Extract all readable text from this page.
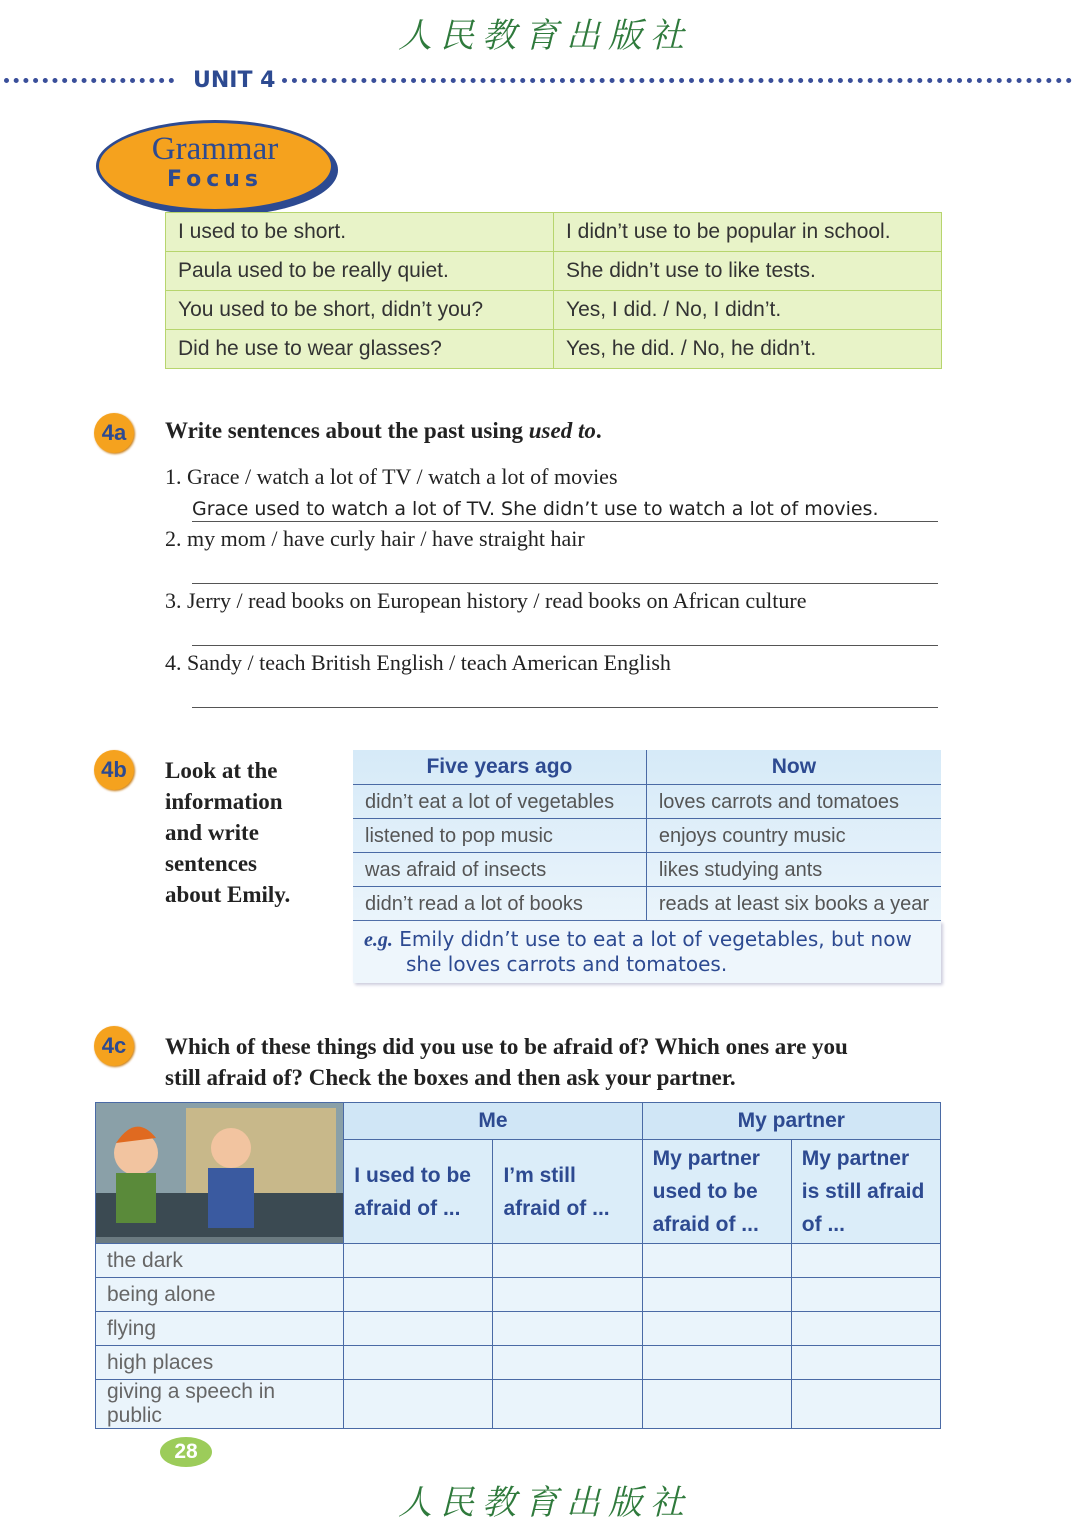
人民教育出版社
UNIT 4
Grammar
Focus
I used to be short.	I didn’t use to be popular in school.
Paula used to be really quiet.	She didn’t use to like tests.
You used to be short, didn’t you?	Yes, I did. / No, I didn’t.
Did he use to wear glasses?	Yes, he did. / No, he didn’t.
4a	Write sentences about the past using used to.
1. Grace / watch a lot of TV / watch a lot of movies
Grace used to watch a lot of TV. She didn’t use to watch a lot of movies.
2. my mom / have curly hair / have straight hair
3. Jerry / read books on European history / read books on African culture
4. Sandy / teach British English / teach American English
4b	Look at the
information
and write
sentences
about Emily.
Five years ago	Now
didn’t eat a lot of vegetables	loves carrots and tomatoes
listened to pop music	enjoys country music
was afraid of insects	likes studying ants
didn’t read a lot of books	reads at least six books a year
e.g. Emily didn’t use to eat a lot of vegetables, but now
she loves carrots and tomatoes.
4c	Which of these things did you use to be afraid of? Which ones are you
still afraid of? Check the boxes and then ask your partner.
	Me		My partner	
	I used to be afraid of ...	I’m still afraid of ...	My partner used to be afraid of ...	My partner is still afraid of ...
the dark				
being alone				
flying				
high places				
giving a speech in public				
28
人民教育出版社
